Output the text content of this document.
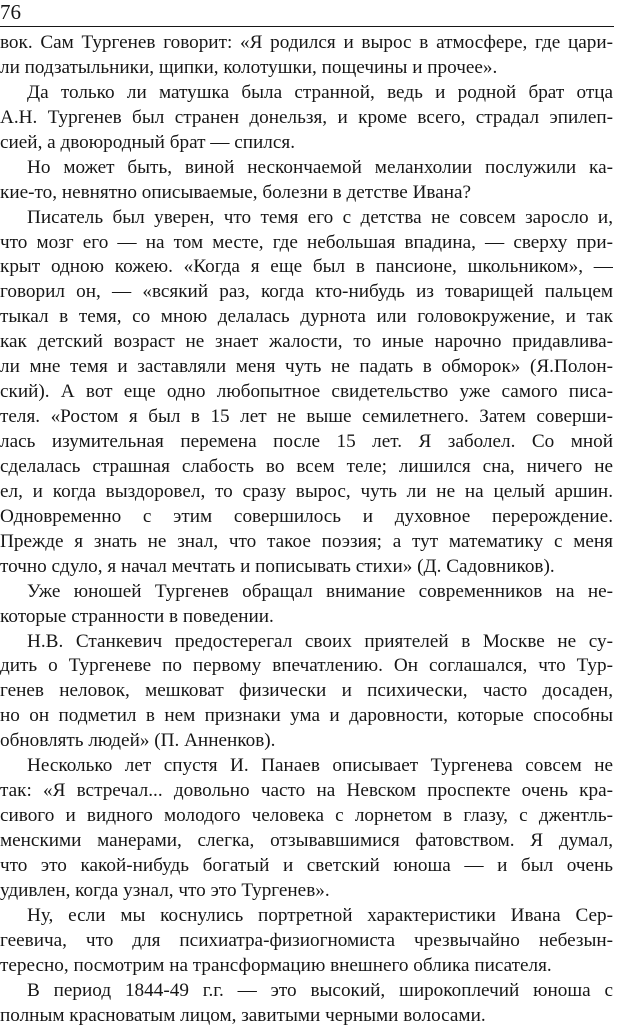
76
вок. Сам Тургенев говорит: «Я родился и вырос в атмосфере, где цари-
ли подзатыльники, щипки, колотушки, пощечины и прочее».
Да только ли матушка была странной, ведь и родной брат отца
А.Н. Тургенев был странен донельзя, и кроме всего, страдал эпилеп-
сией, а двоюродный брат — спился.
Но может быть, виной нескончаемой меланхолии послужили ка-
кие-то, невнятно описываемые, болезни в детстве Ивана?
Писатель был уверен, что темя его с детства не совсем заросло и,
что мозг его — на том месте, где небольшая впадина, — сверху при-
крыт одною кожею. «Когда я еще был в пансионе, школьником», —
говорил он, — «всякий раз, когда кто-нибудь из товарищей пальцем
тыкал в темя, со мною делалась дурнота или головокружение, и так
как детский возраст не знает жалости, то иные нарочно придавлива-
ли мне темя и заставляли меня чуть не падать в обморок» (Я.Полон-
ский). А вот еще одно любопытное свидетельство уже самого писа-
теля. «Ростом я был в 15 лет не выше семилетнего. Затем соверши-
лась изумительная перемена после 15 лет. Я заболел. Со мной
сделалась страшная слабость во всем теле; лишился сна, ничего не
ел, и когда выздоровел, то сразу вырос, чуть ли не на целый аршин.
Одновременно с этим совершилось и духовное перерождение.
Прежде я знать не знал, что такое поэзия; а тут математику с меня
точно сдуло, я начал мечтать и пописывать стихи» (Д. Садовников).
Уже юношей Тургенев обращал внимание современников на не-
которые странности в поведении.
Н.В. Станкевич предостерегал своих приятелей в Москве не су-
дить о Тургеневе по первому впечатлению. Он соглашался, что Тур-
генев неловок, мешковат физически и психически, часто досаден,
но он подметил в нем признаки ума и даровности, которые способны
обновлять людей» (П. Анненков).
Несколько лет спустя И. Панаев описывает Тургенева совсем не
так: «Я встречал... довольно часто на Невском проспекте очень кра-
сивого и видного молодого человека с лорнетом в глазу, с джентль-
менскими манерами, слегка, отзывавшимися фатовством. Я думал,
что это какой-нибудь богатый и светский юноша — и был очень
удивлен, когда узнал, что это Тургенев».
Ну, если мы коснулись портретной характеристики Ивана Сер-
геевича, что для психиатра-физиогномиста чрезвычайно небезын-
тересно, посмотрим на трансформацию внешнего облика писателя.
В период 1844-49 г.г. — это высокий, широкоплечий юноша с
полным красноватым лицом, завитыми черными волосами.
